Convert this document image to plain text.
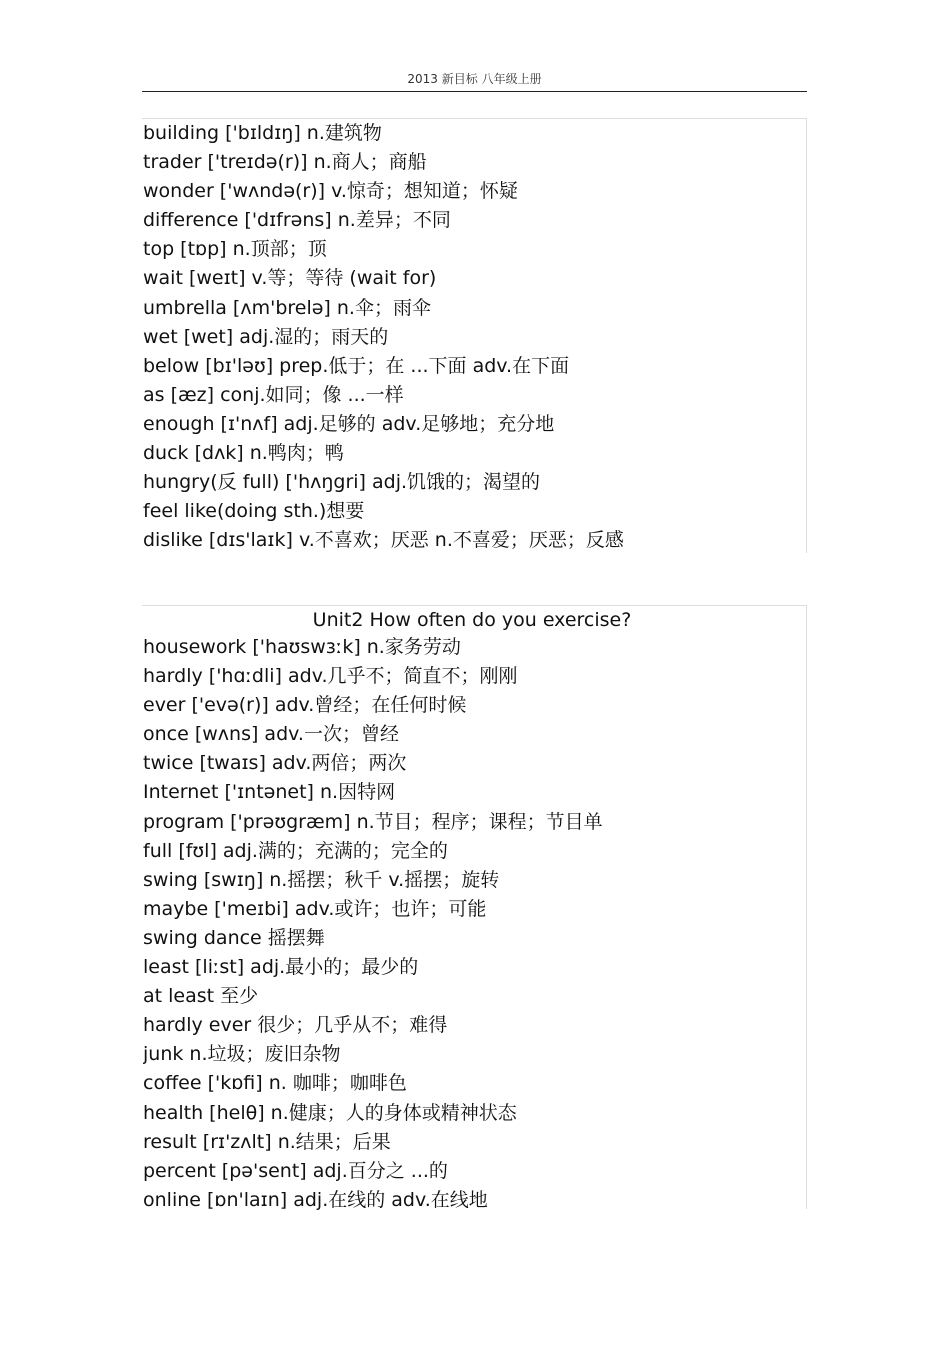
2013 新目标 八年级上册
building ['bɪldɪŋ] n.建筑物
trader ['treɪdə(r)] n.商人；商船
wonder ['wʌndə(r)] v.惊奇；想知道；怀疑
difference ['dɪfrəns] n.差异；不同
top [tɒp] n.顶部；顶
wait [weɪt] v.等；等待 (wait for)
umbrella [ʌm'brelə] n.伞；雨伞
wet [wet] adj.湿的；雨天的
below [bɪ'ləʊ] prep.低于；在 ...下面 adv.在下面
as [æz] conj.如同；像 ...一样
enough [ɪ'nʌf] adj.足够的 adv.足够地；充分地
duck [dʌk] n.鸭肉；鸭
hungry(反 full) ['hʌŋgri] adj.饥饿的；渴望的
feel like(doing sth.)想要
dislike [dɪs'laɪk] v.不喜欢；厌恶 n.不喜爱；厌恶；反感
Unit2 How often do you exercise?
housework ['haʊswɜːk] n.家务劳动
hardly ['hɑːdli] adv.几乎不；简直不；刚刚
ever ['evə(r)] adv.曾经；在任何时候
once [wʌns] adv.一次；曾经
twice [twaɪs] adv.两倍；两次
Internet ['ɪntənet] n.因特网
program ['prəʊgræm] n.节目；程序；课程；节目单
full [fʊl] adj.满的；充满的；完全的
swing [swɪŋ] n.摇摆；秋千 v.摇摆；旋转
maybe ['meɪbi] adv.或许；也许；可能
swing dance 摇摆舞
least [liːst] adj.最小的；最少的
at least 至少
hardly ever 很少；几乎从不；难得
junk n.垃圾；废旧杂物
coffee ['kɒfi] n. 咖啡；咖啡色
health [helθ] n.健康；人的身体或精神状态
result [rɪ'zʌlt] n.结果；后果
percent [pə'sent] adj.百分之 ...的
online [ɒn'laɪn] adj.在线的 adv.在线地
